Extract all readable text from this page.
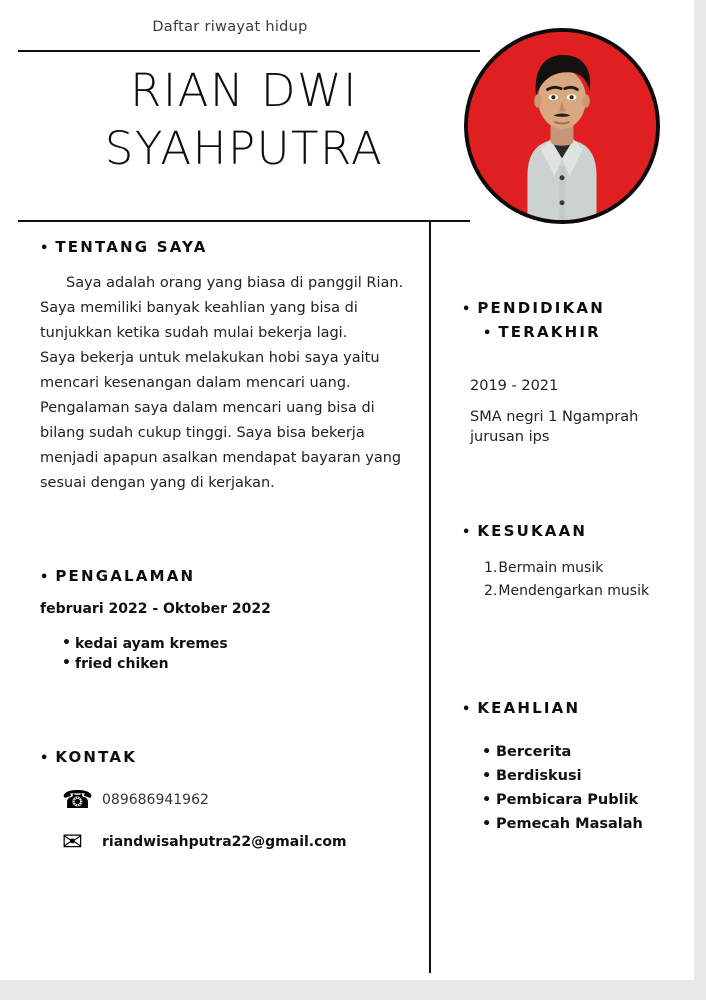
Daftar riwayat hidup
RIAN DWI
SYAHPUTRA
• TENTANG SAYA
Saya adalah orang yang biasa di panggil Rian.
Saya memiliki banyak keahlian yang bisa di tunjukkan ketika sudah mulai bekerja lagi.
Saya bekerja untuk melakukan hobi saya yaitu mencari kesenangan dalam mencari uang.
Pengalaman saya dalam mencari uang bisa di bilang sudah cukup tinggi. Saya bisa bekerja menjadi apapun asalkan mendapat bayaran yang sesuai dengan yang di kerjakan.
• PENGALAMAN
februari 2022 - Oktober 2022
• kedai ayam kremes
• fried chiken
• KONTAK
☎ 089686941962
✉	riandwisahputra22@gmail.com
• PENDIDIKAN
• TERAKHIR
2019 - 2021
SMA negri 1 Ngamprah
jurusan ips
• KESUKAAN
Bermain musik
Mendengarkan musik
• KEAHLIAN
• Bercerita
• Berdiskusi
• Pembicara Publik
• Pemecah Masalah
